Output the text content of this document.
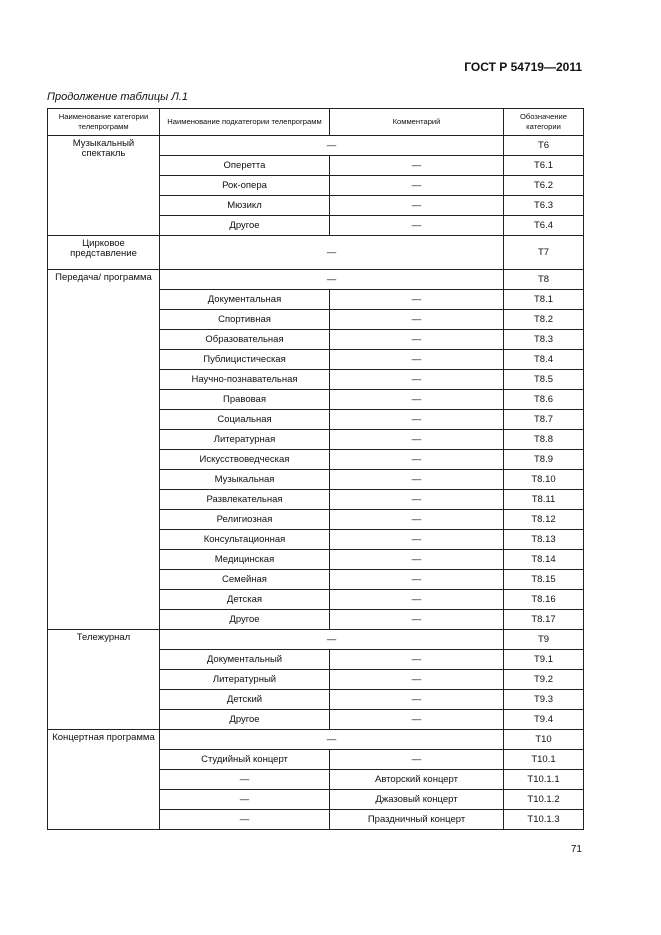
ГОСТ Р 54719—2011
Продолжение таблицы Л.1
Наименование категории телепрограмм	Наименование подкатегории телепрограмм	Комментарий	Обозначение категории
Музыкальный спектакль	—		Т6
	Оперетта	—	Т6.1
	Рок-опера	—	Т6.2
	Мюзикл	—	Т6.3
	Другое	—	Т6.4
Цирковое представление	—		Т7
Передача/ программа	—		Т8
	Документальная	—	Т8.1
	Спортивная	—	Т8.2
	Образовательная	—	Т8.3
	Публицистическая	—	Т8.4
	Научно-познавательная	—	Т8.5
	Правовая	—	Т8.6
	Социальная	—	Т8.7
	Литературная	—	Т8.8
	Искусствоведческая	—	Т8.9
	Музыкальная	—	Т8.10
	Развлекательная	—	Т8.11
	Религиозная	—	Т8.12
	Консультационная	—	Т8.13
	Медицинская	—	Т8.14
	Семейная	—	Т8.15
	Детская	—	Т8.16
	Другое	—	Т8.17
Тележурнал	—		Т9
	Документальный	—	Т9.1
	Литературный	—	Т9.2
	Детский	—	Т9.3
	Другое	—	Т9.4
Концертная программа	—		Т10
	Студийный концерт	—	Т10.1
	—	Авторский концерт	Т10.1.1
	—	Джазовый концерт	Т10.1.2
	—	Праздничный концерт	Т10.1.3
71
